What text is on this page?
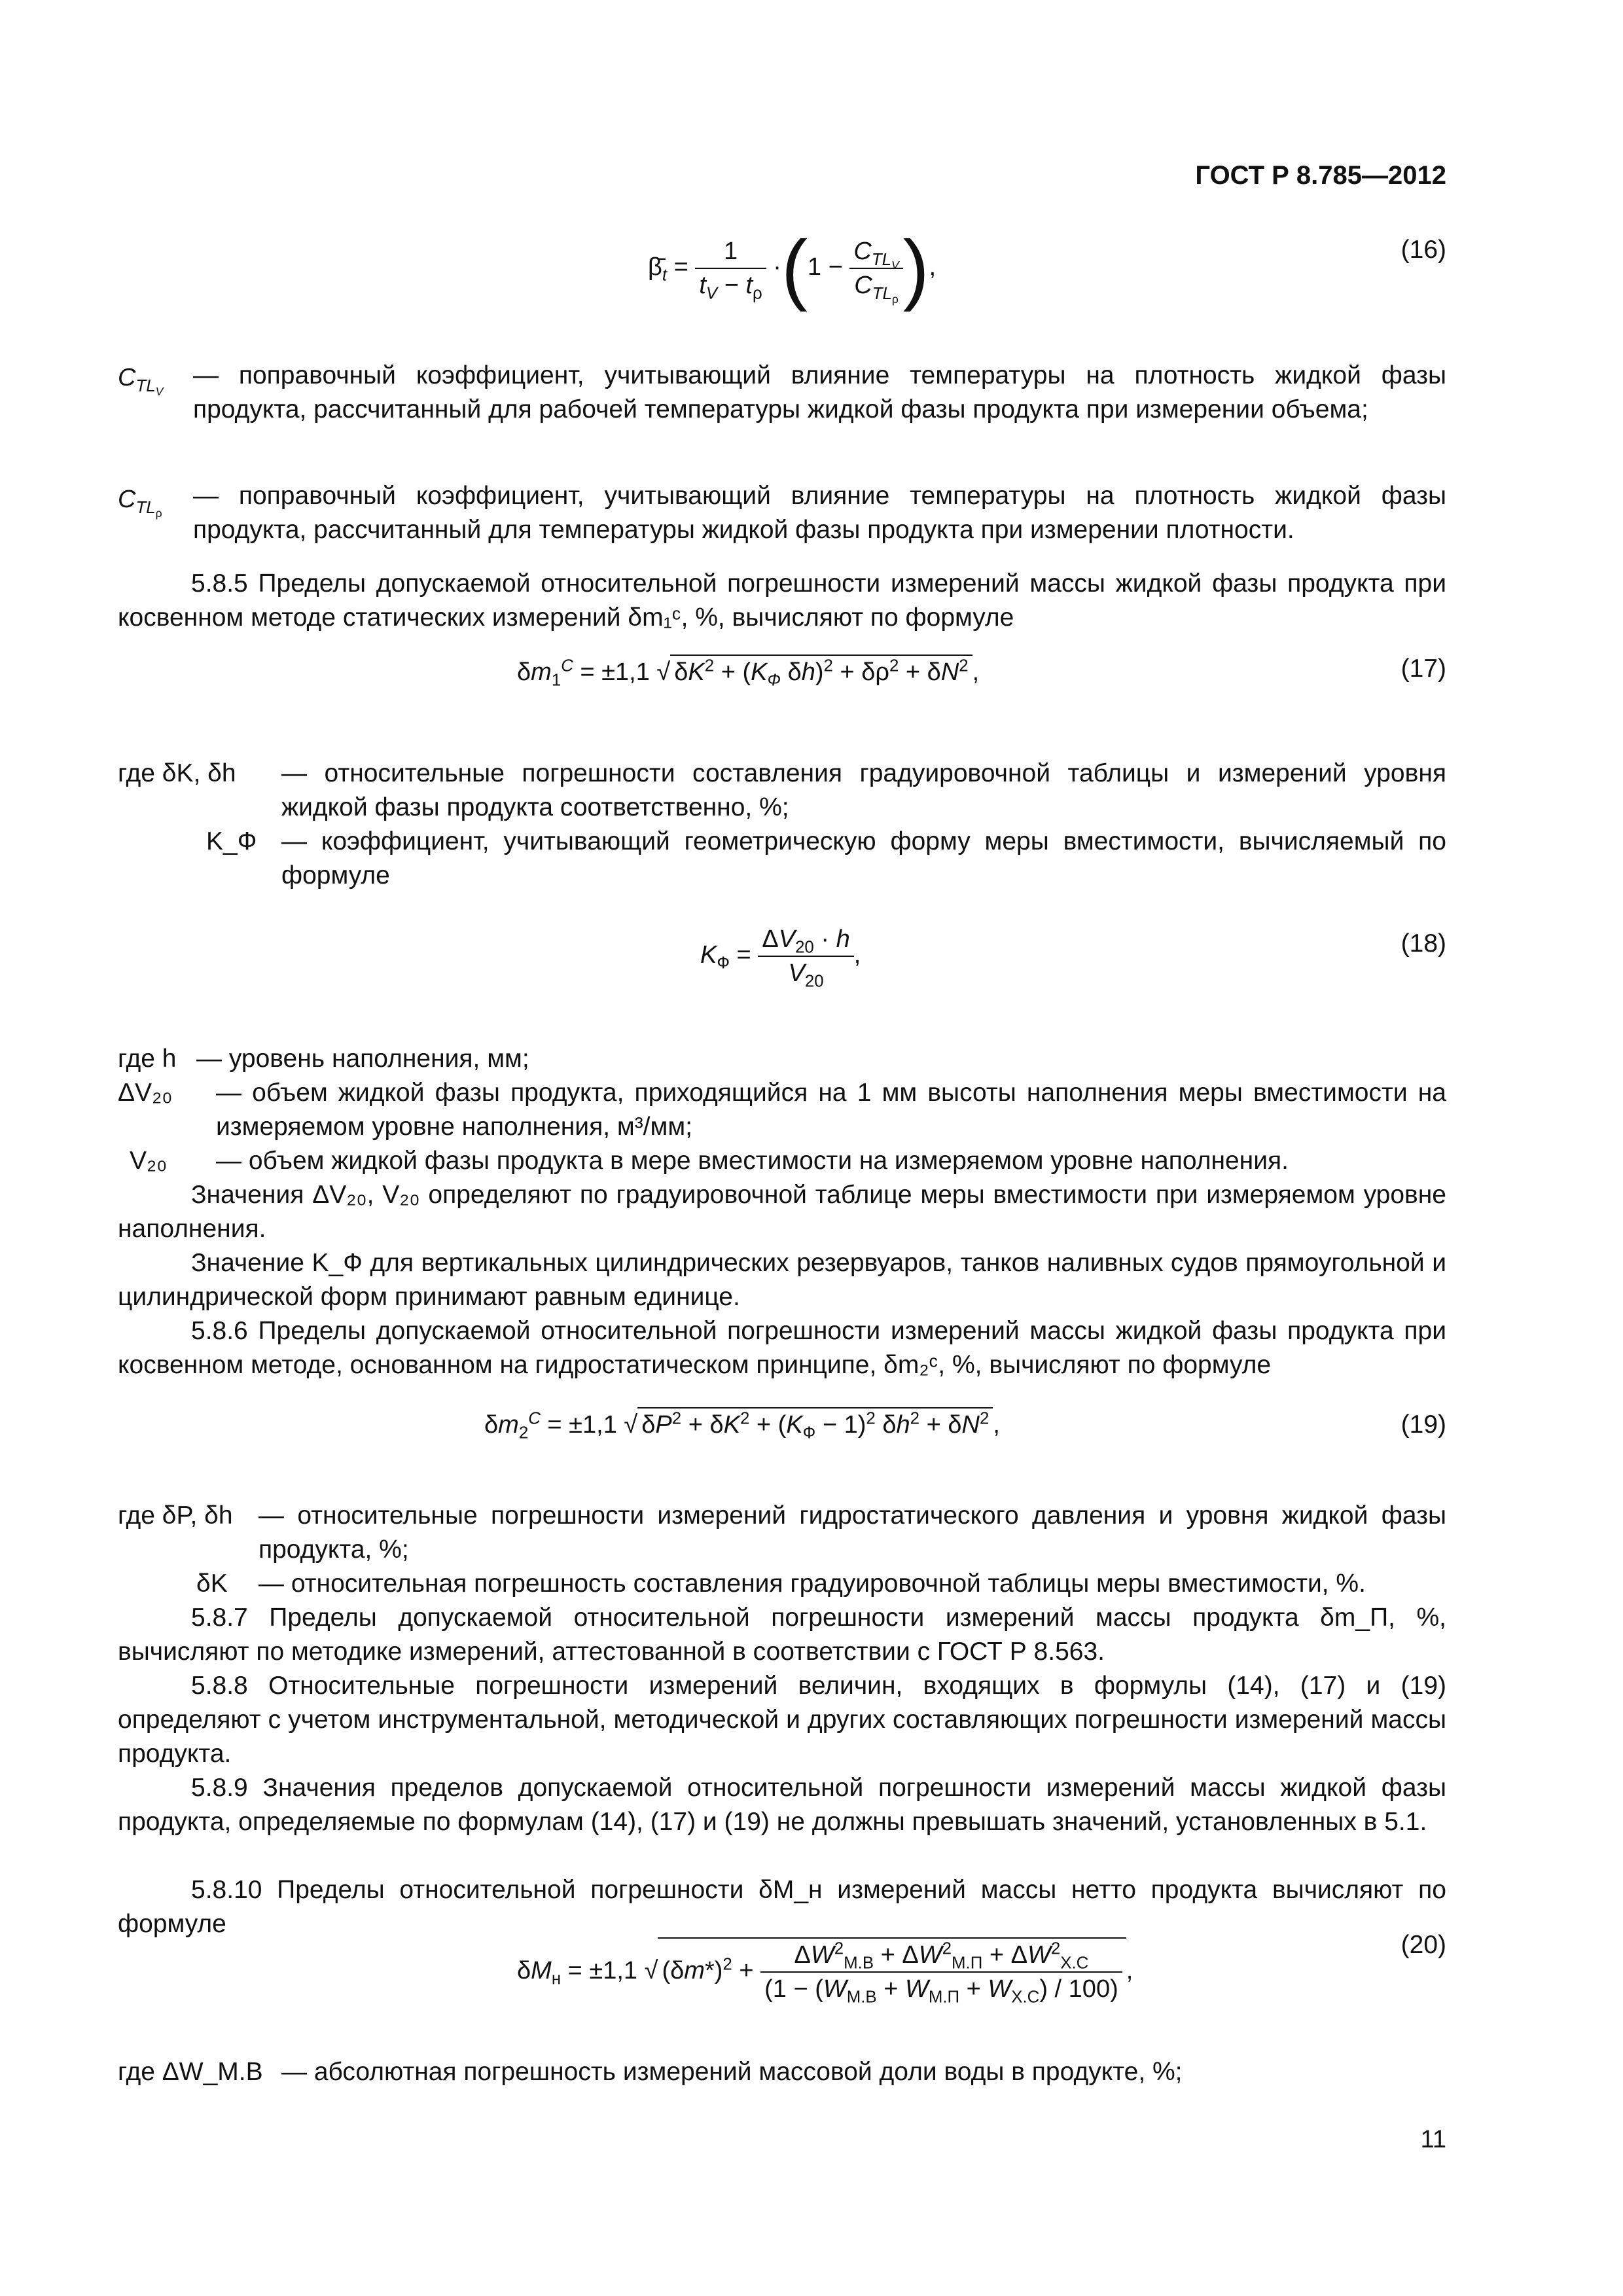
ГОСТ Р 8.785—2012
$\betā_t = \frac{1}{t_V - t_\rho} \cdot(1 - \frac{C_{TL_V}}{C_{TL_\rho}}$ ),
(16)
$C_{TL_V}$
— поправочный коэффициент, учитывающий влияние температуры на плотность жидкой фазы продукта, рассчитанный для рабочей температуры жидкой фазы продукта при измерении объема;
$C_{TL_\rho}$
— поправочный коэффициент, учитывающий влияние температуры на плотность жидкой фазы продукта, рассчитанный для температуры жидкой фазы продукта при измерении плотности.
5.8.5 Пределы допускаемой относительной погрешности измерений массы жидкой фазы продукта при косвенном методе статических измерений δm₁ᶜ, %, вычисляют по формуле
$\delta m_1^C = \pm 1,1$ √ $\delta K^2 + (K_Ф$ $\delta h)^2 + \delta\rho^2 + \delta N^2$ ,	(17)
где δK, δh — относительные погрешности составления градуировочной таблицы и измерений уровня жидкой фазы продукта соответственно, %;
K_Ф — коэффициент, учитывающий геометрическую форму меры вместимости, вычисляемый по формуле
$K_Ф = \frac{\Delta V_{20} \cdot h}{V_{20}}$ ,	(18)
где h — уровень наполнения, мм;
ΔV₂₀ — объем жидкой фазы продукта, приходящийся на 1 мм высоты наполнения меры вместимости на измеряемом уровне наполнения, м³/мм;
V₂₀ — объем жидкой фазы продукта в мере вместимости на измеряемом уровне наполнения.
Значения ΔV₂₀, V₂₀ определяют по градуировочной таблице меры вместимости при измеряемом уровне наполнения.
Значение K_Ф для вертикальных цилиндрических резервуаров, танков наливных судов прямоугольной и цилиндрической форм принимают равным единице.
5.8.6 Пределы допускаемой относительной погрешности измерений массы жидкой фазы продукта при косвенном методе, основанном на гидростатическом принципе, δm₂ᶜ, %, вычисляют по формуле
$\delta m_2^C = \pm 1,1$ √ $\delta P^2 + \delta K^2 + (K_Ф - 1)^2$ $\delta h^2 + \delta N^2$ ,	(19)
где δP, δh — относительные погрешности измерений гидростатического давления и уровня жидкой фазы продукта, %;
δK — относительная погрешность составления градуировочной таблицы меры вместимости, %.
5.8.7 Пределы допускаемой относительной погрешности измерений массы продукта δm_П, %, вычисляют по методике измерений, аттестованной в соответствии с ГОСТ Р 8.563.
5.8.8 Относительные погрешности измерений величин, входящих в формулы (14), (17) и (19) определяют с учетом инструментальной, методической и других составляющих погрешности измерений массы продукта.
5.8.9 Значения пределов допускаемой относительной погрешности измерений массы жидкой фазы продукта, определяемые по формулам (14), (17) и (19) не должны превышать значений, установленных в 5.1.
5.8.10 Пределы относительной погрешности δM_н измерений массы нетто продукта вычисляют по формуле
$\delta M_н = \pm 1,1$ √ $(\delta m*)^2 + \frac{\Delta W^2_{М.В} + \Delta W^2_{М.П} + \Delta W^2_{Х.С}}{(1 - (W_{М.В} + W_{М.П} + W_{Х.С}) / 100)}$ ,
(20)
где ΔW_М.В — абсолютная погрешность измерений массовой доли воды в продукте, %;
11
